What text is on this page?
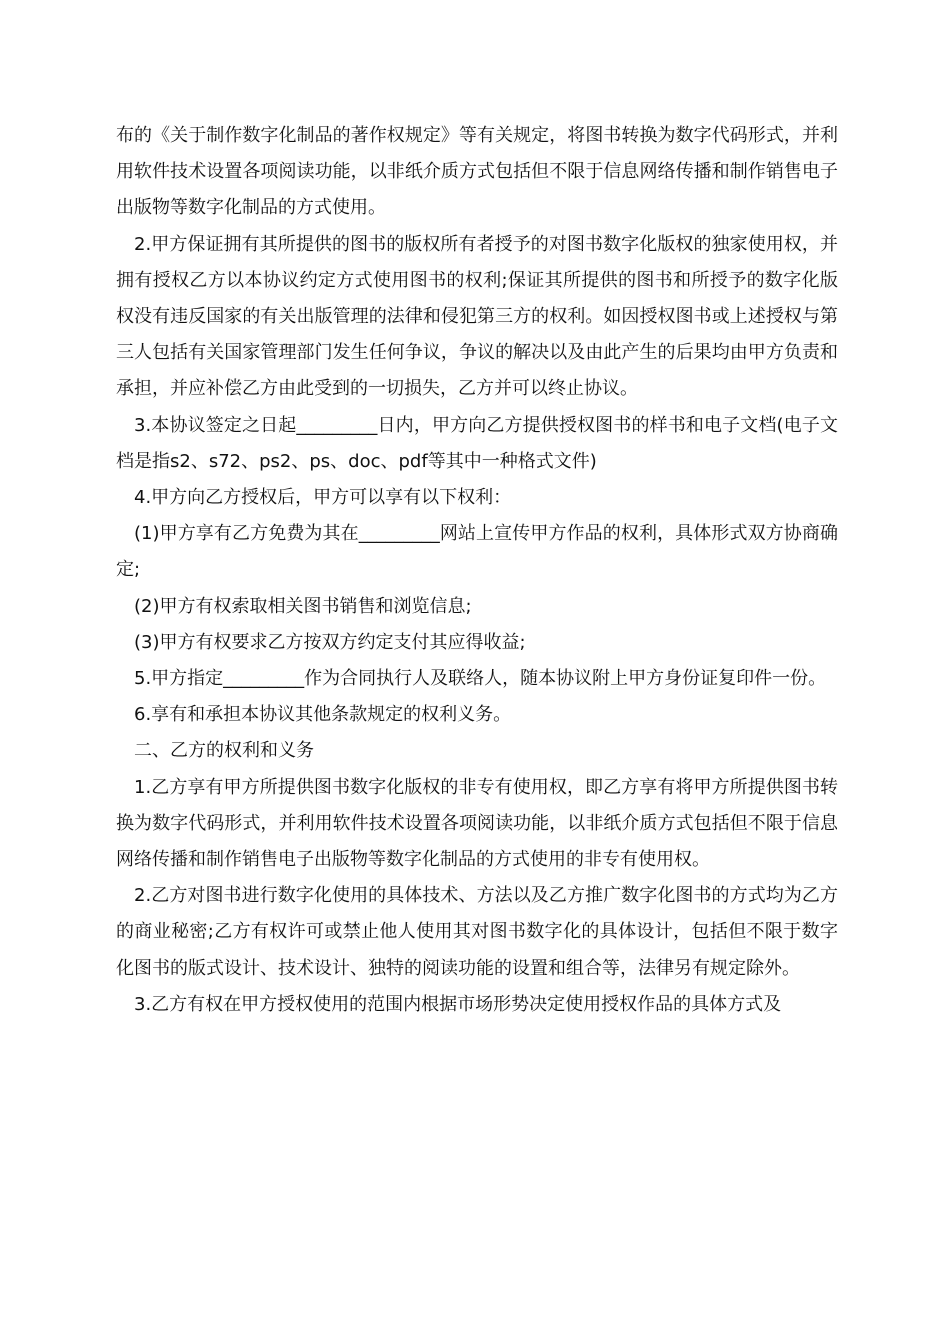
布的《关于制作数字化制品的著作权规定》等有关规定，将图书转换为数字代码形式，并利用软件技术设置各项阅读功能，以非纸介质方式包括但不限于信息网络传播和制作销售电子出版物等数字化制品的方式使用。

2.甲方保证拥有其所提供的图书的版权所有者授予的对图书数字化版权的独家使用权，并拥有授权乙方以本协议约定方式使用图书的权利;保证其所提供的图书和所授予的数字化版权没有违反国家的有关出版管理的法律和侵犯第三方的权利。如因授权图书或上述授权与第三人包括有关国家管理部门发生任何争议，争议的解决以及由此产生的后果均由甲方负责和承担，并应补偿乙方由此受到的一切损失，乙方并可以终止协议。

3.本协议签定之日起_________日内，甲方向乙方提供授权图书的样书和电子文档(电子文档是指s2、s72、ps2、ps、doc、pdf等其中一种格式文件)

4.甲方向乙方授权后，甲方可以享有以下权利：

(1)甲方享有乙方免费为其在_________网站上宣传甲方作品的权利，具体形式双方协商确定;

(2)甲方有权索取相关图书销售和浏览信息;

(3)甲方有权要求乙方按双方约定支付其应得收益;

5.甲方指定_________作为合同执行人及联络人，随本协议附上甲方身份证复印件一份。

6.享有和承担本协议其他条款规定的权利义务。

二、乙方的权利和义务

1.乙方享有甲方所提供图书数字化版权的非专有使用权，即乙方享有将甲方所提供图书转换为数字代码形式，并利用软件技术设置各项阅读功能，以非纸介质方式包括但不限于信息网络传播和制作销售电子出版物等数字化制品的方式使用的非专有使用权。

2.乙方对图书进行数字化使用的具体技术、方法以及乙方推广数字化图书的方式均为乙方的商业秘密;乙方有权许可或禁止他人使用其对图书数字化的具体设计，包括但不限于数字化图书的版式设计、技术设计、独特的阅读功能的设置和组合等，法律另有规定除外。

3.乙方有权在甲方授权使用的范围内根据市场形势决定使用授权作品的具体方式及
